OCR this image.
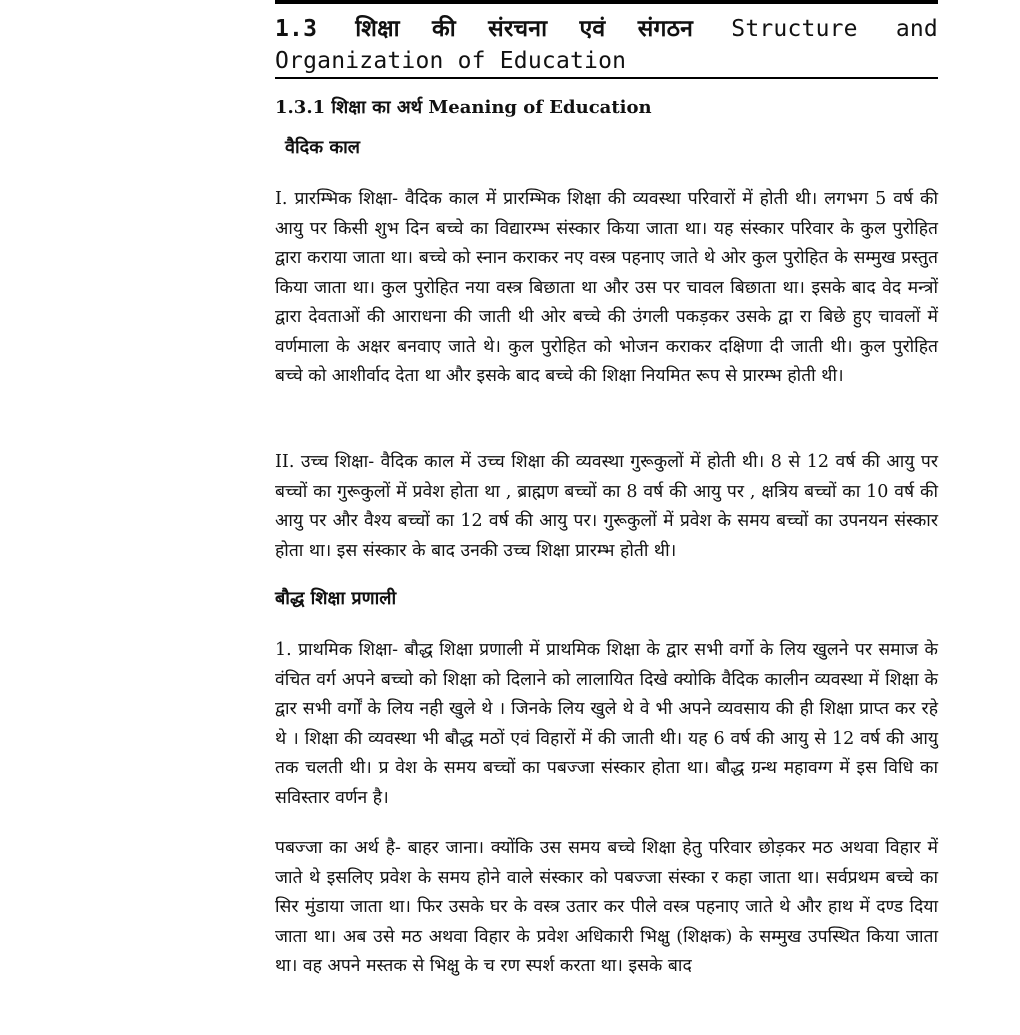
1.3 शिक्षा की संरचना एवं संगठन Structure and Organization of Education
1.3.1 शिक्षा का अर्थ Meaning of Education
वैदिक काल
I. प्रारम्भिक शिक्षा- वैदिक काल में प्रारम्भिक शिक्षा की व्यवस्था परिवारों में होती थी। लगभग 5 वर्ष की आयु पर किसी शुभ दिन बच्चे का विद्यारम्भ संस्कार किया जाता था। यह संस्कार परिवार के कुल पुरोहित द्वारा कराया जाता था। बच्चे को स्नान कराकर नए वस्त्र पहनाए जाते थे ओर कुल पुरोहित के सम्मुख प्रस्तुत किया जाता था। कुल पुरोहित नया वस्त्र बिछाता था और उस पर चावल बिछाता था। इसके बाद वेद मन्त्रों द्वारा देवताओं की आराधना की जाती थी ओर बच्चे की उंगली पकड़कर उसके द्वा रा बिछे हुए चावलों में वर्णमाला के अक्षर बनवाए जाते थे। कुल पुरोहित को भोजन कराकर दक्षिणा दी जाती थी। कुल पुरोहित बच्चे को आशीर्वाद देता था और इसके बाद बच्चे की शिक्षा नियमित रूप से प्रारम्भ होती थी।
II. उच्च शिक्षा- वैदिक काल में उच्च शिक्षा की व्यवस्था गुरूकुलों में होती थी। 8 से 12 वर्ष की आयु पर बच्चों का गुरूकुलों में प्रवेश होता था , ब्राह्मण बच्चों का 8 वर्ष की आयु पर , क्षत्रिय बच्चों का 10 वर्ष की आयु पर और वैश्य बच्चों का 12 वर्ष की आयु पर। गुरूकुलों में प्रवेश के समय बच्चों का उपनयन संस्कार होता था। इस संस्कार के बाद उनकी उच्च शिक्षा प्रारम्भ होती थी।
बौद्ध शिक्षा प्रणाली
1. प्राथमिक शिक्षा- बौद्ध शिक्षा प्रणाली में प्राथमिक शिक्षा के द्वार सभी वर्गो के लिय खुलने पर समाज के वंचित वर्ग अपने बच्चो को शिक्षा को दिलाने को लालायित दिखे क्योकि वैदिक कालीन व्यवस्था में शिक्षा के द्वार सभी वर्गों के लिय नही खुले थे । जिनके लिय खुले थे वे भी अपने व्यवसाय की ही शिक्षा प्राप्त कर रहे थे । शिक्षा की व्यवस्था भी बौद्ध मठों एवं विहारों में की जाती थी। यह 6 वर्ष की आयु से 12 वर्ष की आयु तक चलती थी। प्र वेश के समय बच्चों का पबज्जा संस्कार होता था। बौद्ध ग्रन्थ महावग्ग में इस विधि का सविस्तार वर्णन है।
पबज्जा का अर्थ है- बाहर जाना। क्योंकि उस समय बच्चे शिक्षा हेतु परिवार छोड़कर मठ अथवा विहार में जाते थे इसलिए प्रवेश के समय होने वाले संस्कार को पबज्जा संस्का र कहा जाता था। सर्वप्रथम बच्चे का सिर मुंडाया जाता था। फिर उसके घर के वस्त्र उतार कर पीले वस्त्र पहनाए जाते थे और हाथ में दण्ड दिया जाता था। अब उसे मठ अथवा विहार के प्रवेश अधिकारी भिक्षु (शिक्षक) के सम्मुख उपस्थित किया जाता था। वह अपने मस्तक से भिक्षु के च रण स्पर्श करता था। इसके बाद
